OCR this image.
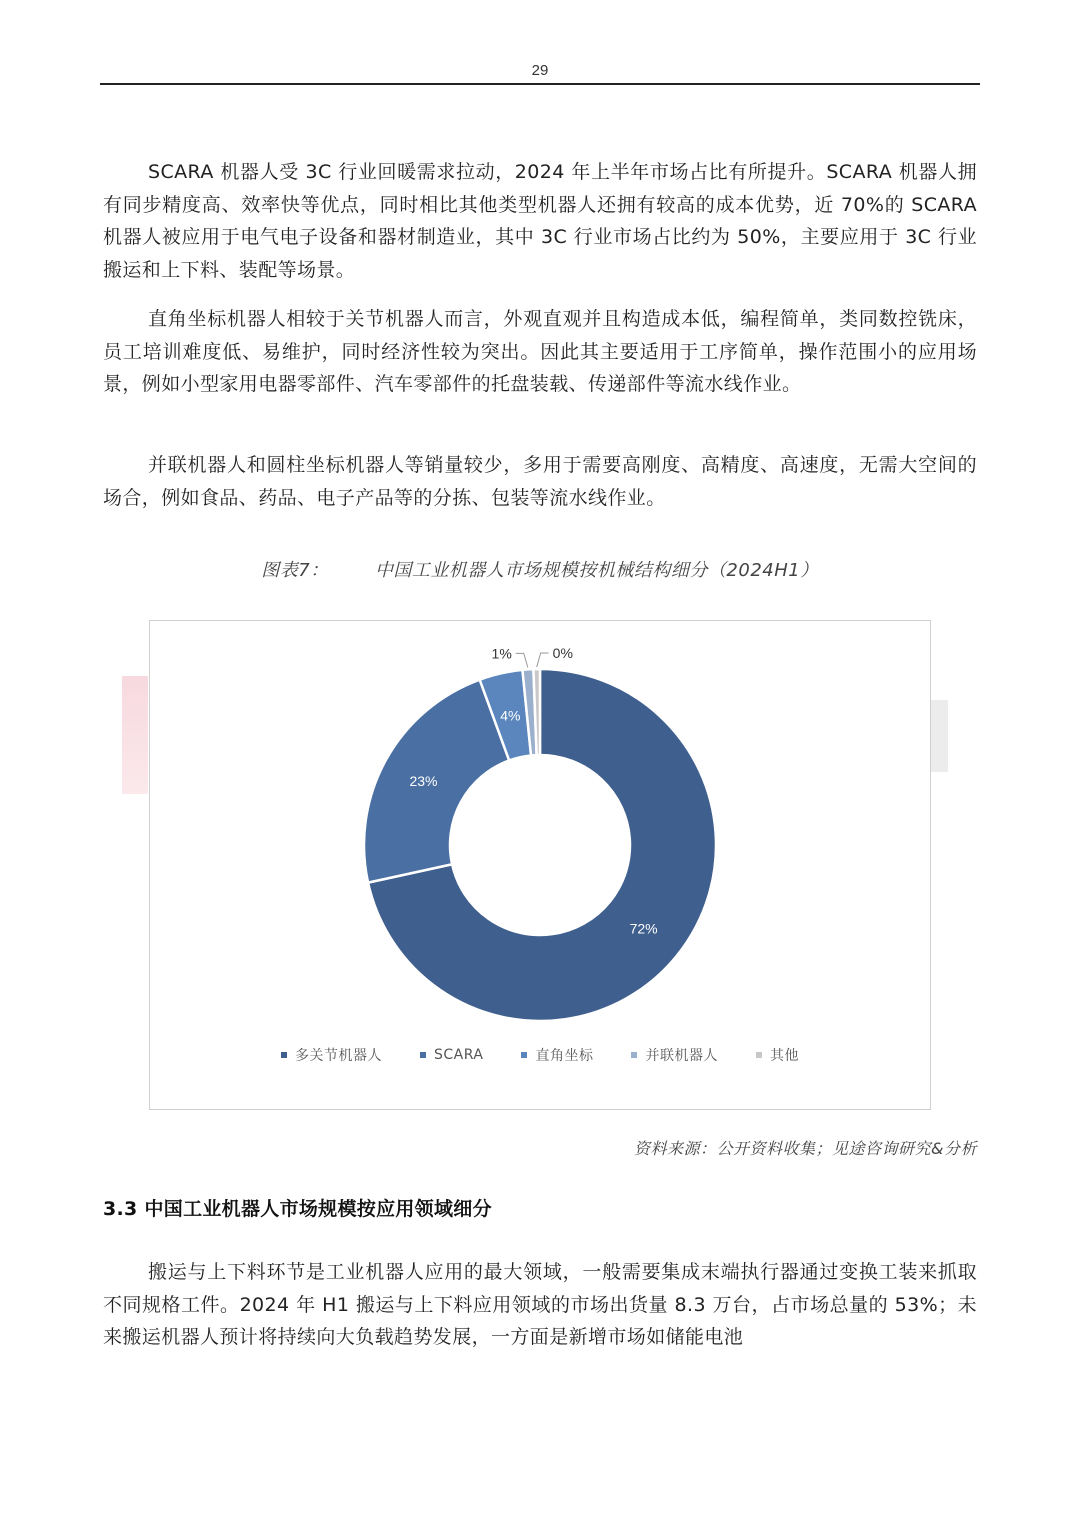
29

SCARA 机器人受 3C 行业回暖需求拉动，2024 年上半年市场占比有所提升。SCARA 机器人拥有同步精度高、效率快等优点，同时相比其他类型机器人还拥有较高的成本优势，近 70%的 SCARA 机器人被应用于电气电子设备和器材制造业，其中 3C 行业市场占比约为 50%，主要应用于 3C 行业搬运和上下料、装配等场景。

直角坐标机器人相较于关节机器人而言，外观直观并且构造成本低，编程简单，类同数控铣床，员工培训难度低、易维护，同时经济性较为突出。因此其主要适用于工序简单，操作范围小的应用场景，例如小型家用电器零部件、汽车零部件的托盘装载、传递部件等流水线作业。

并联机器人和圆柱坐标机器人等销量较少，多用于需要高刚度、高精度、高速度，无需大空间的场合，例如食品、药品、电子产品等的分拣、包装等流水线作业。

图表7：	中国工业机器人市场规模按机械结构细分（2024H1）
72%
23%
4%
1%	0%
多关节机器人	SCARA	直角坐标	并联机器人	其他
资料来源：公开资料收集；见途咨询研究&分析
3.3 中国工业机器人市场规模按应用领域细分

搬运与上下料环节是工业机器人应用的最大领域，一般需要集成末端执行器通过变换工装来抓取不同规格工件。2024 年 H1 搬运与上下料应用领域的市场出货量 8.3 万台，占市场总量的 53%；未来搬运机器人预计将持续向大负载趋势发展，一方面是新增市场如储能电池
